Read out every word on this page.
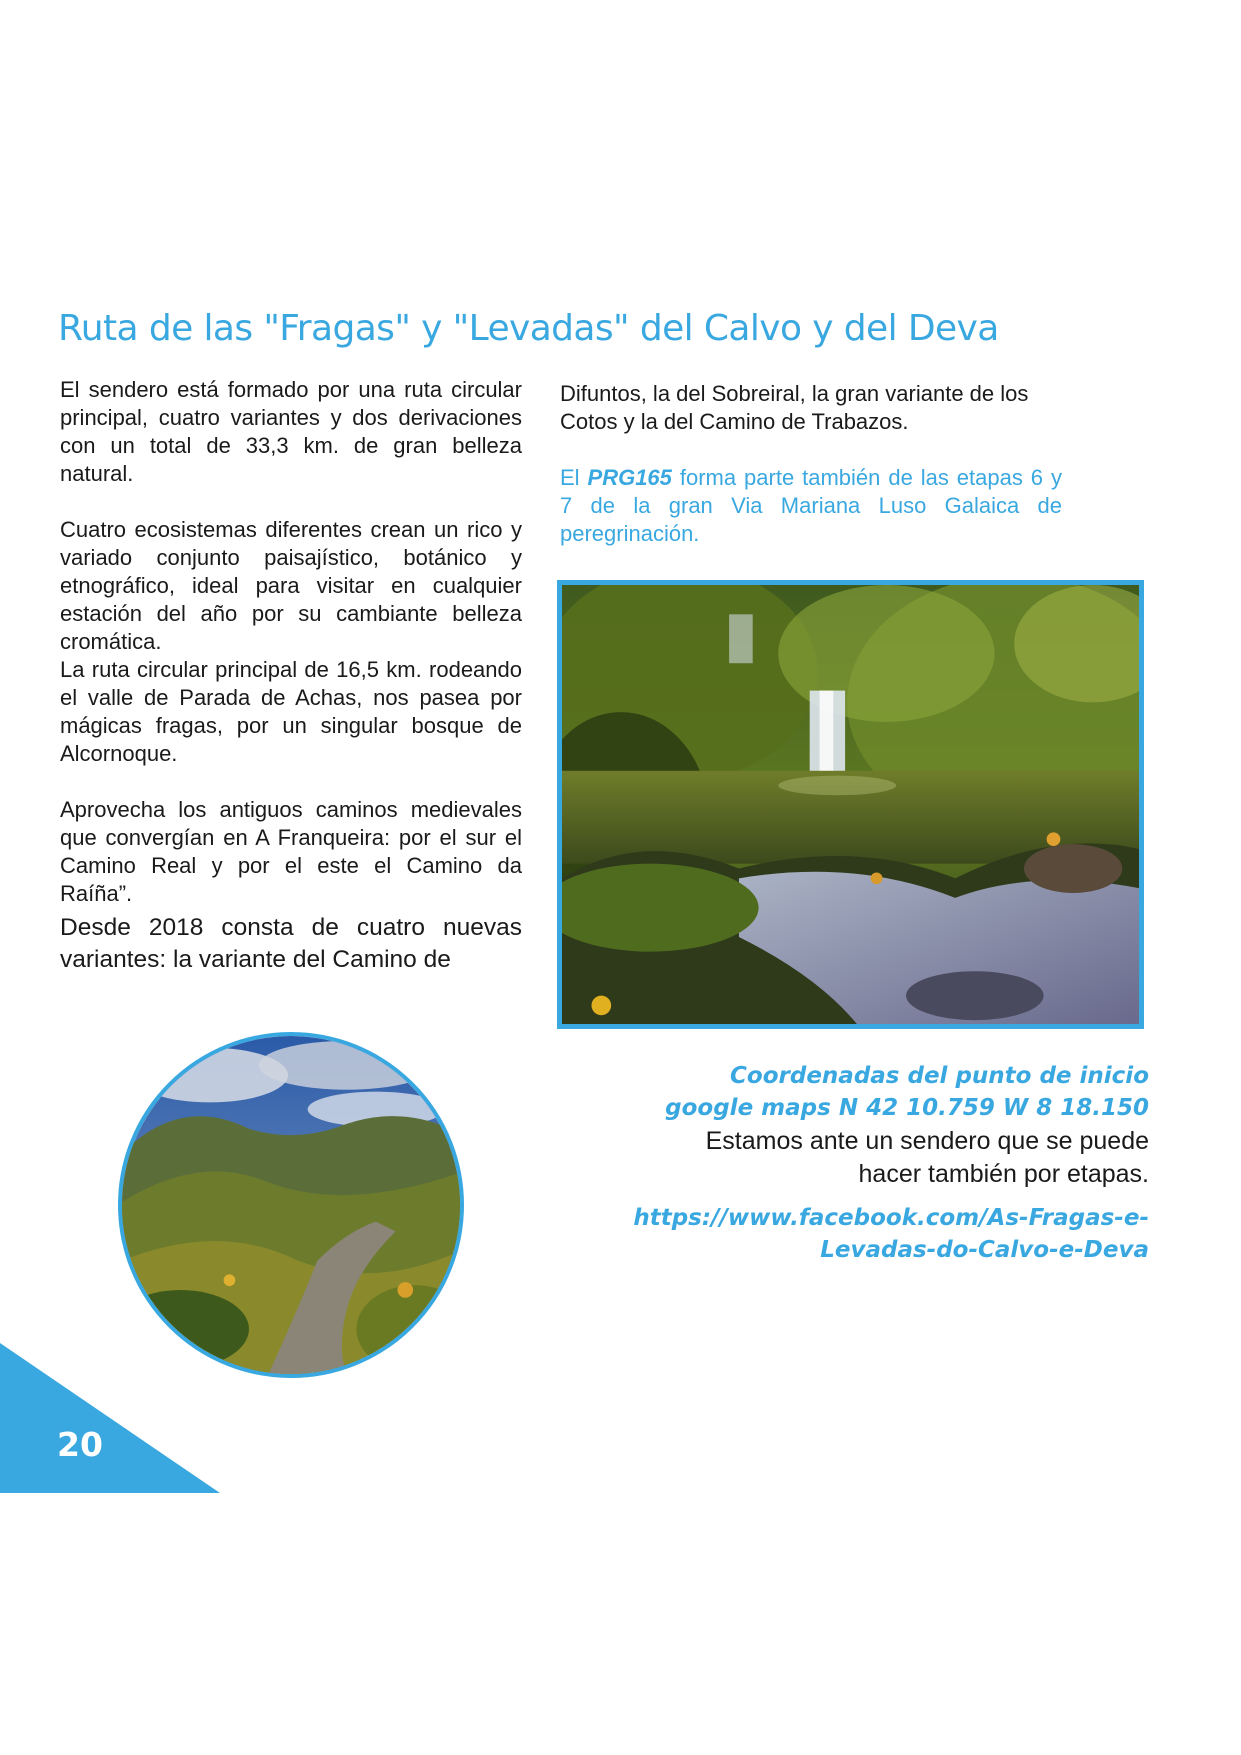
Ruta de las "Fragas" y "Levadas" del Calvo y del Deva

El sendero está formado por una ruta circular principal, cuatro variantes y dos derivaciones con un total de 33,3 km. de gran belleza natural.

Cuatro ecosistemas diferentes crean un rico y variado conjunto paisajístico, botánico y etnográfico, ideal para visitar en cualquier estación del año por su cambiante belleza cromática.

La ruta circular principal de 16,5 km. rodeando el valle de Parada de Achas, nos pasea por mágicas fragas, por un singular bosque de Alcornoque.

Aprovecha los antiguos caminos medievales que convergían en A Franqueira: por el sur el Camino Real y por el este el Camino da Raíña”.

Desde 2018 consta de cuatro nuevas variantes: la variante del Camino de

Difuntos, la del Sobreiral, la gran variante de los Cotos y la del Camino de Trabazos.

El PRG165 forma parte también de las etapas 6 y 7 de la gran Via Mariana Luso Galaica de peregrinación.

Coordenadas del punto de inicio
google maps N 42 10.759 W 8 18.150
Estamos ante un sendero que se puede
hacer también por etapas.
https://www.facebook.com/As-Fragas-e-
Levadas-do-Calvo-e-Deva
20
